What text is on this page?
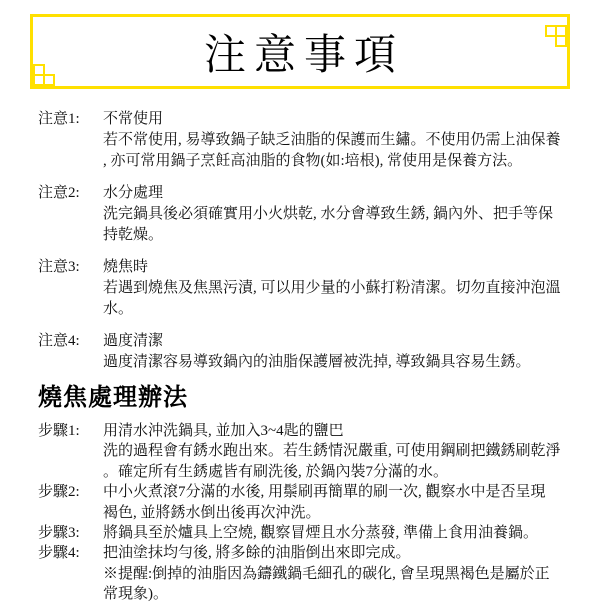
注意事項
注意1: 不常使用
若不常使用, 易導致鍋子缺乏油脂的保護而生鏽。不使用仍需上油保養
, 亦可常用鍋子烹飪高油脂的食物(如:培根), 常使用是保養方法。
注意2: 水分處理
洗完鍋具後必須確實用小火烘乾, 水分會導致生銹, 鍋內外、把手等保
持乾燥。
注意3: 燒焦時
若遇到燒焦及焦黑污漬, 可以用少量的小蘇打粉清潔。切勿直接沖泡溫
水。
注意4: 過度清潔
過度清潔容易導致鍋內的油脂保護層被洗掉, 導致鍋具容易生銹。
燒焦處理辦法
步驟1: 用清水沖洗鍋具, 並加入3~4匙的鹽巴
洗的過程會有銹水跑出來。若生銹情況嚴重, 可使用鋼刷把鐵銹刷乾淨
。確定所有生銹處皆有刷洗後, 於鍋內裝7分滿的水。
步驟2: 中小火煮滾7分滿的水後, 用鬃刷再簡單的刷一次, 觀察水中是否呈現
褐色, 並將銹水倒出後再次沖洗。
步驟3: 將鍋具至於爐具上空燒, 觀察冒煙且水分蒸發, 準備上食用油養鍋。
步驟4: 把油塗抹均勻後, 將多餘的油脂倒出來即完成。
※提醒:倒掉的油脂因為鑄鐵鍋毛細孔的碳化, 會呈現黑褐色是屬於正
常現象)。
